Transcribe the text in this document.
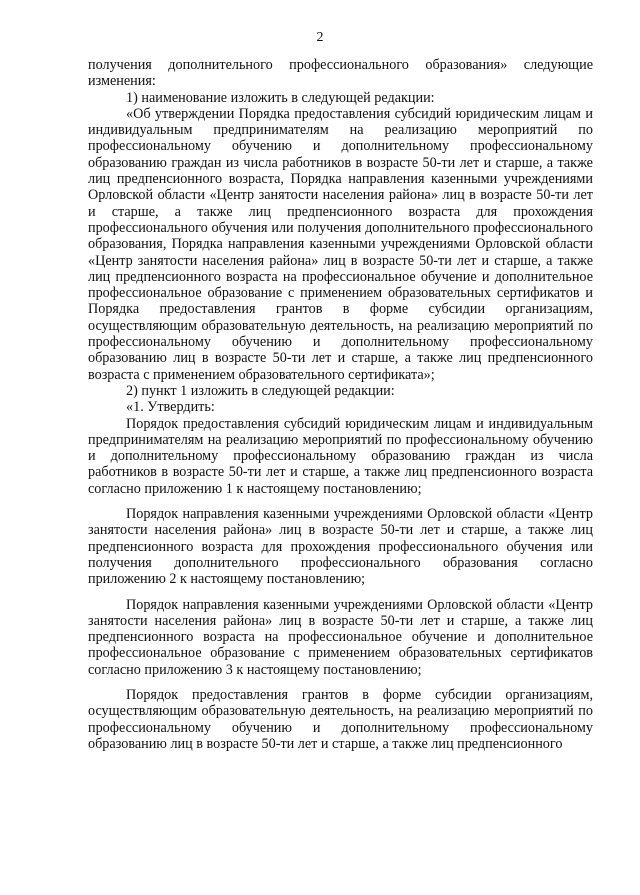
2

получения дополнительного профессионального образования» следующие изменения:

1) наименование изложить в следующей редакции:

«Об утверждении Порядка предоставления субсидий юридическим лицам и индивидуальным предпринимателям на реализацию мероприятий по профессиональному обучению и дополнительному профессиональному образованию граждан из числа работников в возрасте 50-ти лет и старше, а также лиц предпенсионного возраста, Порядка направления казенными учреждениями Орловской области «Центр занятости населения района» лиц в возрасте 50-ти лет и старше, а также лиц предпенсионного возраста для прохождения профессионального обучения или получения дополнительного профессионального образования, Порядка направления казенными учреждениями Орловской области «Центр занятости населения района» лиц в возрасте 50-ти лет и старше, а также лиц предпенсионного возраста на профессиональное обучение и дополнительное профессиональное образование с применением образовательных сертификатов и Порядка предоставления грантов в форме субсидии организациям, осуществляющим образовательную деятельность, на реализацию мероприятий по профессиональному обучению и дополнительному профессиональному образованию лиц в возрасте 50-ти лет и старше, а также лиц предпенсионного возраста с применением образовательного сертификата»;

2) пункт 1 изложить в следующей редакции:

«1. Утвердить:

Порядок предоставления субсидий юридическим лицам и индивидуальным предпринимателям на реализацию мероприятий по профессиональному обучению и дополнительному профессиональному образованию граждан из числа работников в возрасте 50-ти лет и старше, а также лиц предпенсионного возраста согласно приложению 1 к настоящему постановлению;

Порядок направления казенными учреждениями Орловской области «Центр занятости населения района» лиц в возрасте 50-ти лет и старше, а также лиц предпенсионного возраста для прохождения профессионального обучения или получения дополнительного профессионального образования согласно приложению 2 к настоящему постановлению;

Порядок направления казенными учреждениями Орловской области «Центр занятости населения района» лиц в возрасте 50-ти лет и старше, а также лиц предпенсионного возраста на профессиональное обучение и дополнительное профессиональное образование с применением образовательных сертификатов согласно приложению 3 к настоящему постановлению;

Порядок предоставления грантов в форме субсидии организациям, осуществляющим образовательную деятельность, на реализацию мероприятий по профессиональному обучению и дополнительному профессиональному образованию лиц в возрасте 50-ти лет и старше, а также лиц предпенсионного
